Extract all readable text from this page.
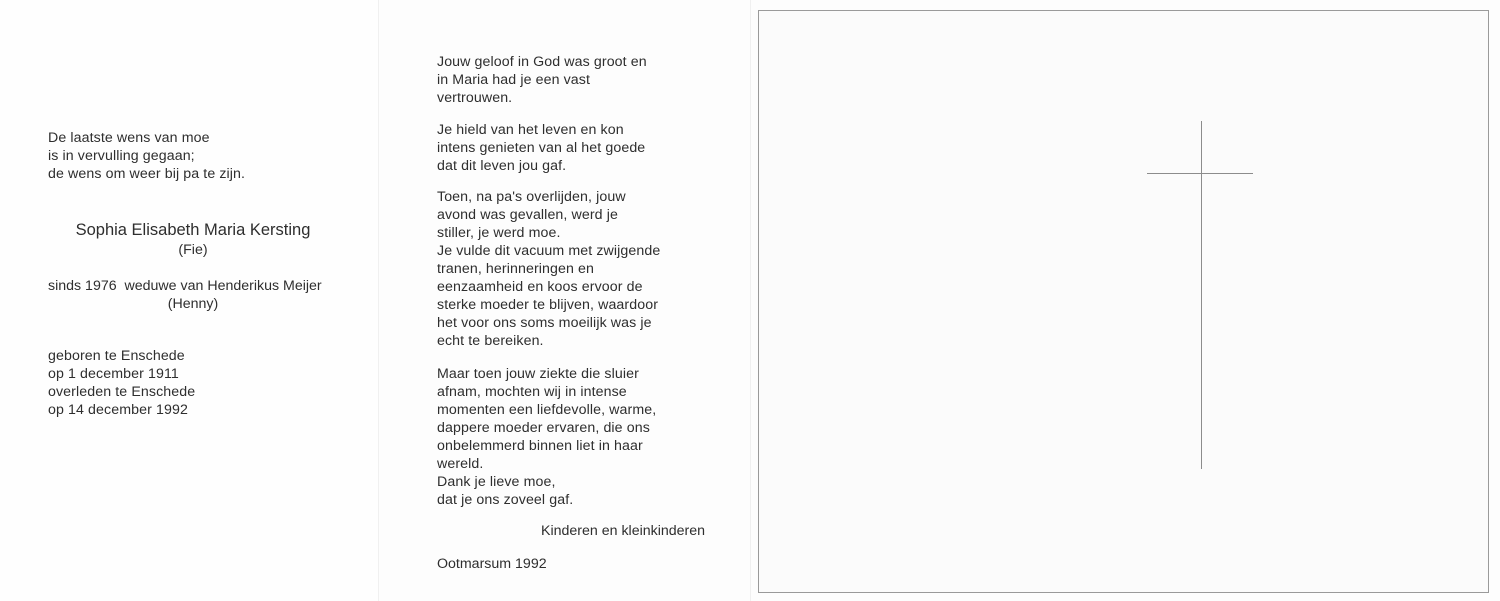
De laatste wens van moe
is in vervulling gegaan;
de wens om weer bij pa te zijn.
Sophia Elisabeth Maria Kersting
(Fie)
sinds 1976  weduwe van Henderikus Meijer
(Henny)
geboren te Enschede
op 1 december 1911
overleden te Enschede
op 14 december 1992
Jouw geloof in God was groot en
in Maria had je een vast
vertrouwen.
Je hield van het leven en kon
intens genieten van al het goede
dat dit leven jou gaf.
Toen, na pa's overlijden, jouw
avond was gevallen, werd je
stiller, je werd moe.
Je vulde dit vacuum met zwijgende
tranen, herinneringen en
eenzaamheid en koos ervoor de
sterke moeder te blijven, waardoor
het voor ons soms moeilijk was je
echt te bereiken.
Maar toen jouw ziekte die sluier
afnam, mochten wij in intense
momenten een liefdevolle, warme,
dappere moeder ervaren, die ons
onbelemmerd binnen liet in haar
wereld.
Dank je lieve moe,
dat je ons zoveel gaf.
Kinderen en kleinkinderen
Ootmarsum 1992
